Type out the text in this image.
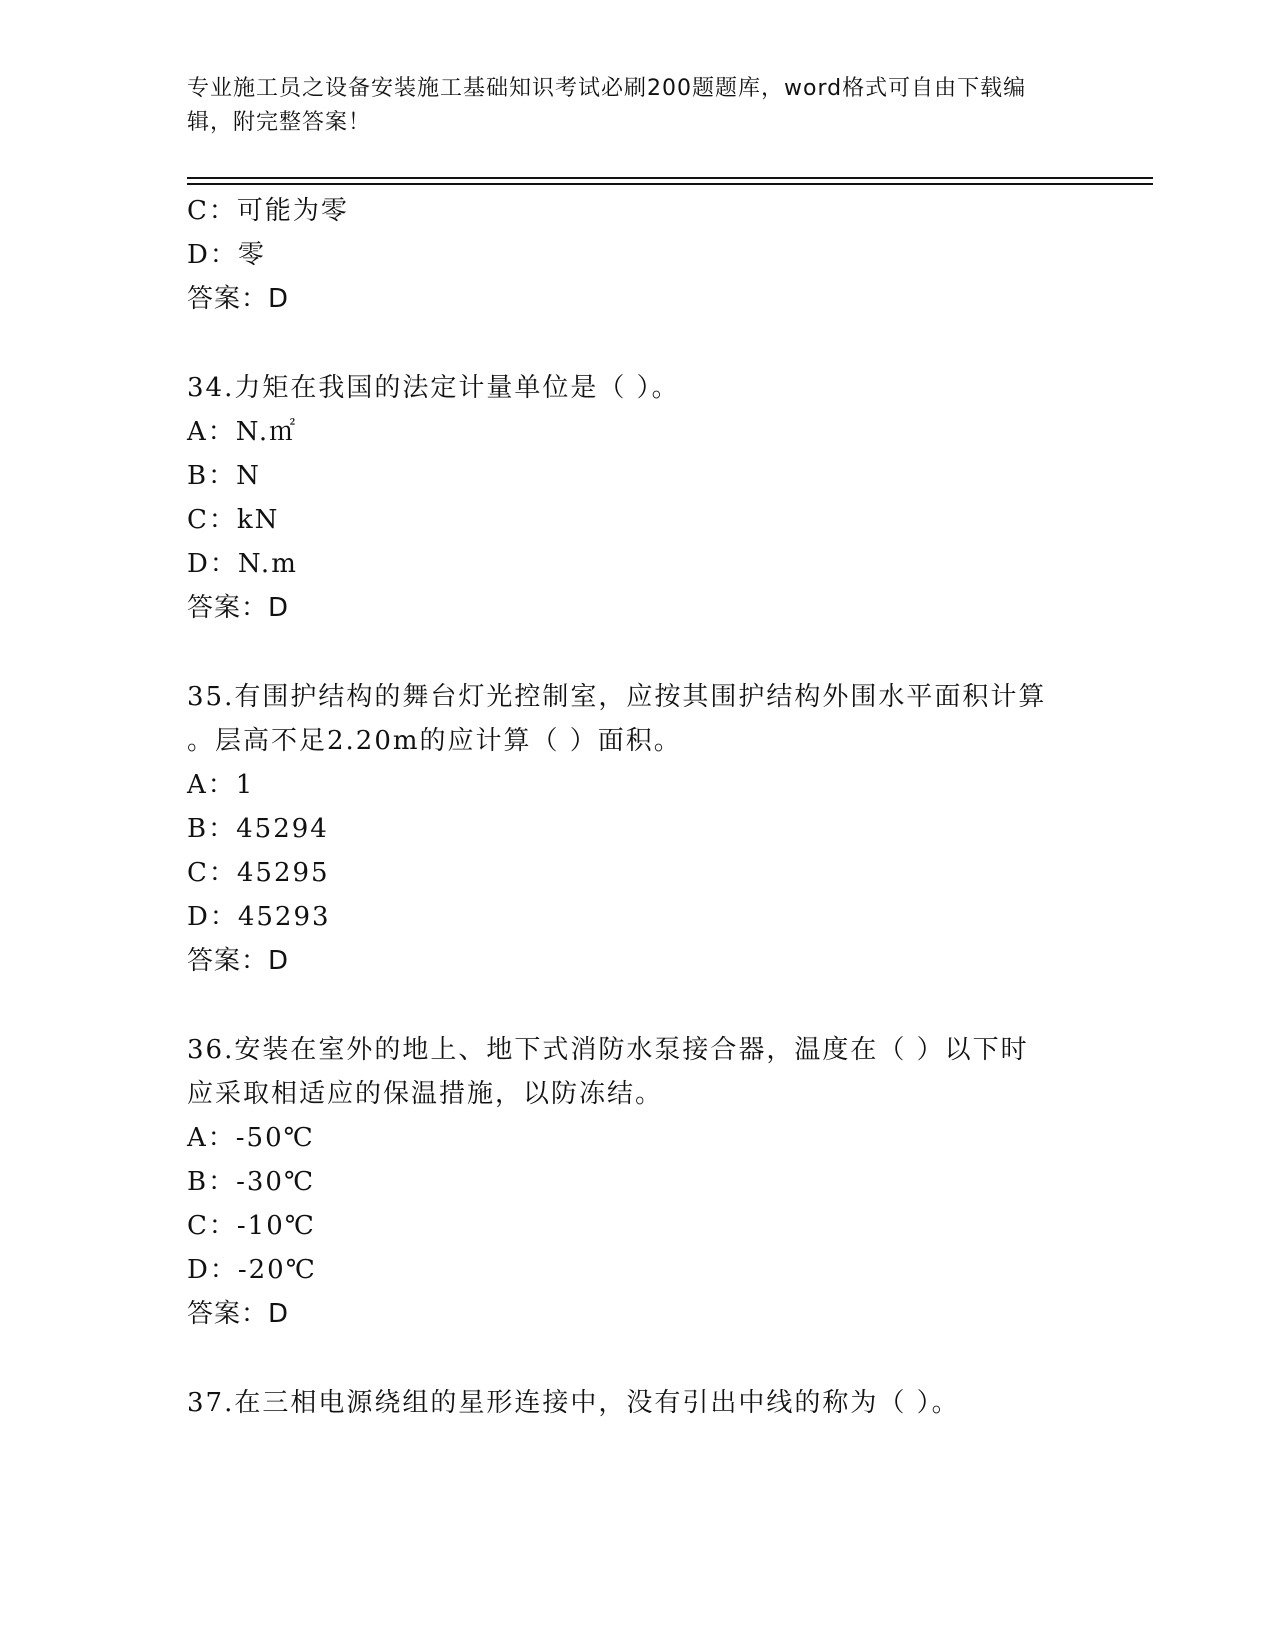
专业施工员之设备安装施工基础知识考试必刷200题题库，word格式可自由下载编辑，附完整答案！
C：可能为零
D：零
答案：D
34.力矩在我国的法定计量单位是（ ）。
A：N.㎡
B：N
C：kN
D：N.m
答案：D
35.有围护结构的舞台灯光控制室，应按其围护结构外围水平面积计算
。层高不足2.20m的应计算（ ）面积。
A：1
B：45294
C：45295
D：45293
答案：D
36.安装在室外的地上、地下式消防水泵接合器，温度在（ ）以下时
应采取相适应的保温措施，以防冻结。
A：-50℃
B：-30℃
C：-10℃
D：-20℃
答案：D
37.在三相电源绕组的星形连接中，没有引出中线的称为（ ）。
